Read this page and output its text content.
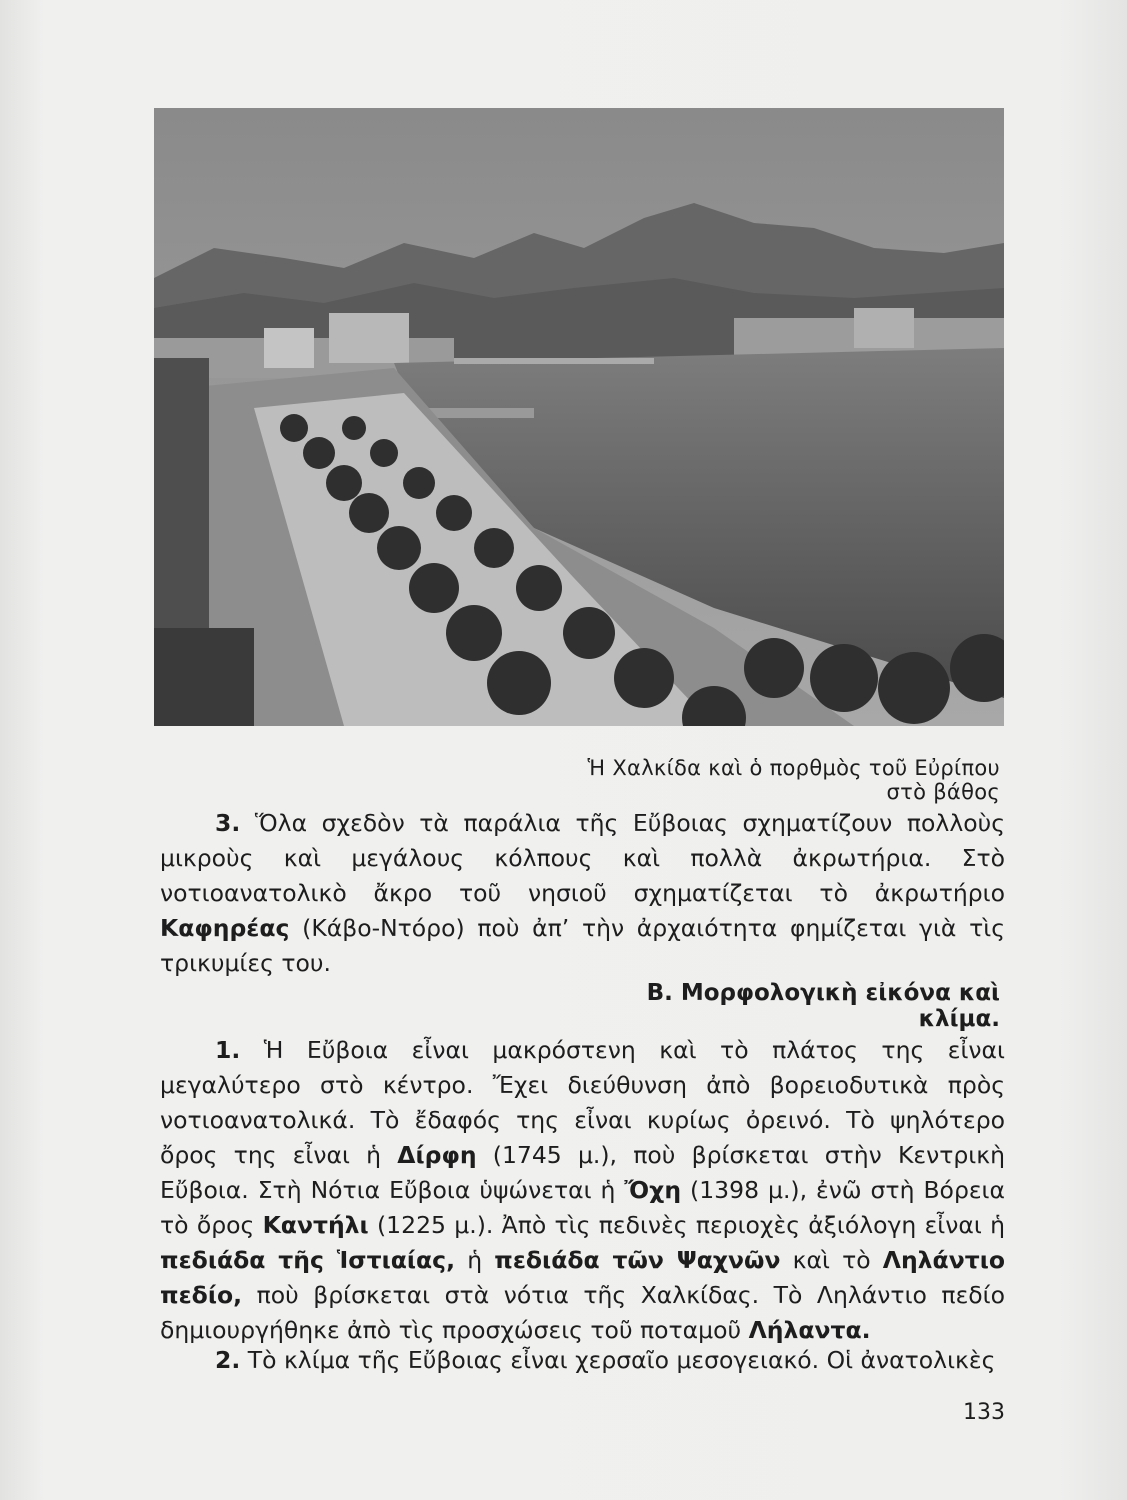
Ἡ Χαλκίδα καὶ ὁ πορθμὸς τοῦ Εὐρίπου στὸ βάθος
3. Ὅλα σχεδὸν τὰ παράλια τῆς Εὔβοιας σχηματίζουν πολλοὺς μικροὺς καὶ μεγάλους κόλπους καὶ πολλὰ ἀκρωτήρια. Στὸ νοτιοανατολικὸ ἄκρο τοῦ νησιοῦ σχηματίζεται τὸ ἀκρωτήριο Καφηρέας (Κάβο-Ντόρο) ποὺ ἀπ’ τὴν ἀρχαιότητα φημίζεται γιὰ τὶς τρικυμίες του.
Β. Μορφολογικὴ εἰκόνα καὶ κλίμα.
1. Ἡ Εὔβοια εἶναι μακρόστενη καὶ τὸ πλάτος της εἶναι μεγαλύτερο στὸ κέντρο. Ἔχει διεύθυνση ἀπὸ βορειοδυτικὰ πρὸς νοτιοανατολικά. Τὸ ἔδαφός της εἶναι κυρίως ὀρεινό. Τὸ ψηλότερο ὄρος της εἶναι ἡ Δίρφη (1745 μ.), ποὺ βρίσκεται στὴν Κεντρικὴ Εὔβοια. Στὴ Νότια Εὔβοια ὑψώνεται ἡ Ὄχη (1398 μ.), ἐνῶ στὴ Βόρεια τὸ ὄρος Καντήλι (1225 μ.). Ἀπὸ τὶς πεδινὲς περιοχὲς ἀξιόλογη εἶναι ἡ πεδιάδα τῆς Ἱστιαίας, ἡ πεδιάδα τῶν Ψαχνῶν καὶ τὸ Ληλάντιο πεδίο, ποὺ βρίσκεται στὰ νότια τῆς Χαλκίδας. Τὸ Ληλάντιο πεδίο δημιουργήθηκε ἀπὸ τὶς προσχώσεις τοῦ ποταμοῦ Λήλαντα.
2. Τὸ κλίμα τῆς Εὔβοιας εἶναι χερσαῖο μεσογειακό. Οἱ ἀνατολικὲς
133
